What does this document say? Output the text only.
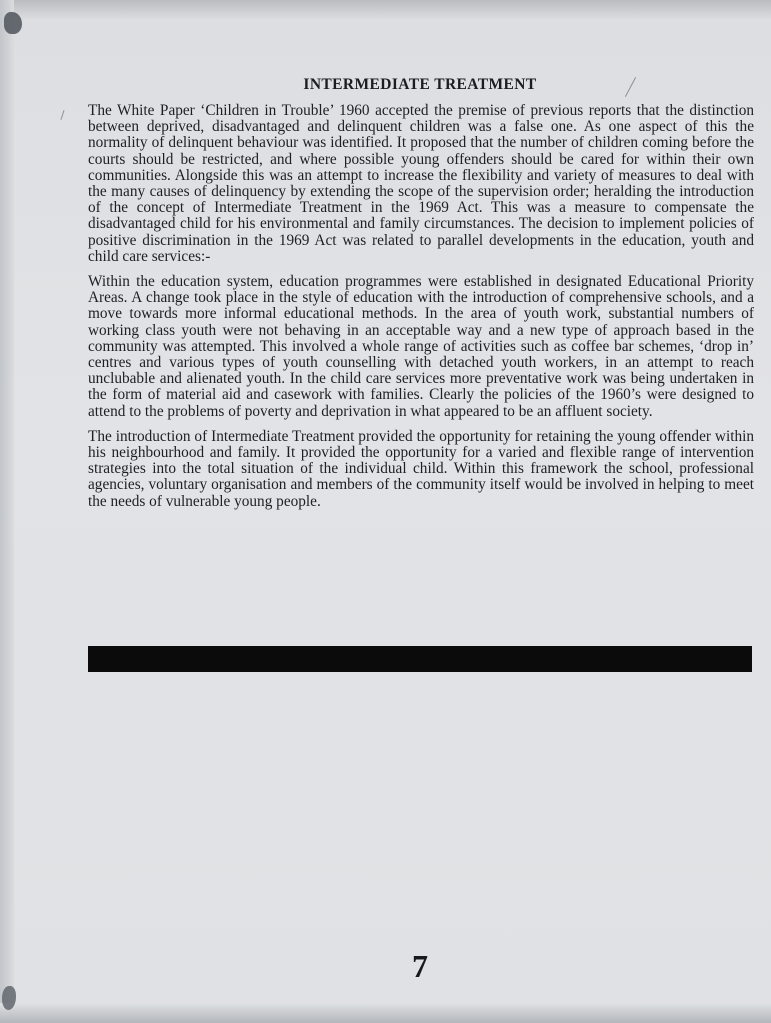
INTERMEDIATE TREATMENT

The White Paper ‘Children in Trouble’ 1960 accepted the premise of previous reports that the distinction between deprived, disadvantaged and delinquent children was a false one. As one aspect of this the normality of delinquent behaviour was identified. It proposed that the number of children coming before the courts should be restricted, and where possible young offenders should be cared for within their own communities. Alongside this was an attempt to increase the flexibility and variety of measures to deal with the many causes of delinquency by extending the scope of the supervision order; heralding the introduction of the concept of Intermediate Treatment in the 1969 Act. This was a measure to compensate the disadvantaged child for his environmental and family circumstances. The decision to implement policies of positive discrimination in the 1969 Act was related to parallel developments in the education, youth and child care services:-

Within the education system, education programmes were established in designated Educational Priority Areas. A change took place in the style of education with the introduction of comprehensive schools, and a move towards more informal educational methods. In the area of youth work, substantial numbers of working class youth were not behaving in an acceptable way and a new type of approach based in the community was attempted. This involved a whole range of activities such as coffee bar schemes, ‘drop in’ centres and various types of youth counselling with detached youth workers, in an attempt to reach unclubable and alienated youth. In the child care services more preventative work was being undertaken in the form of material aid and casework with families. Clearly the policies of the 1960’s were designed to attend to the problems of poverty and deprivation in what appeared to be an affluent society.

The introduction of Intermediate Treatment provided the opportunity for retaining the young offender within his neighbourhood and family. It provided the opportunity for a varied and flexible range of intervention strategies into the total situation of the individual child. Within this framework the school, professional agencies, voluntary organisation and members of the community itself would be involved in helping to meet the needs of vulnerable young people.

7
